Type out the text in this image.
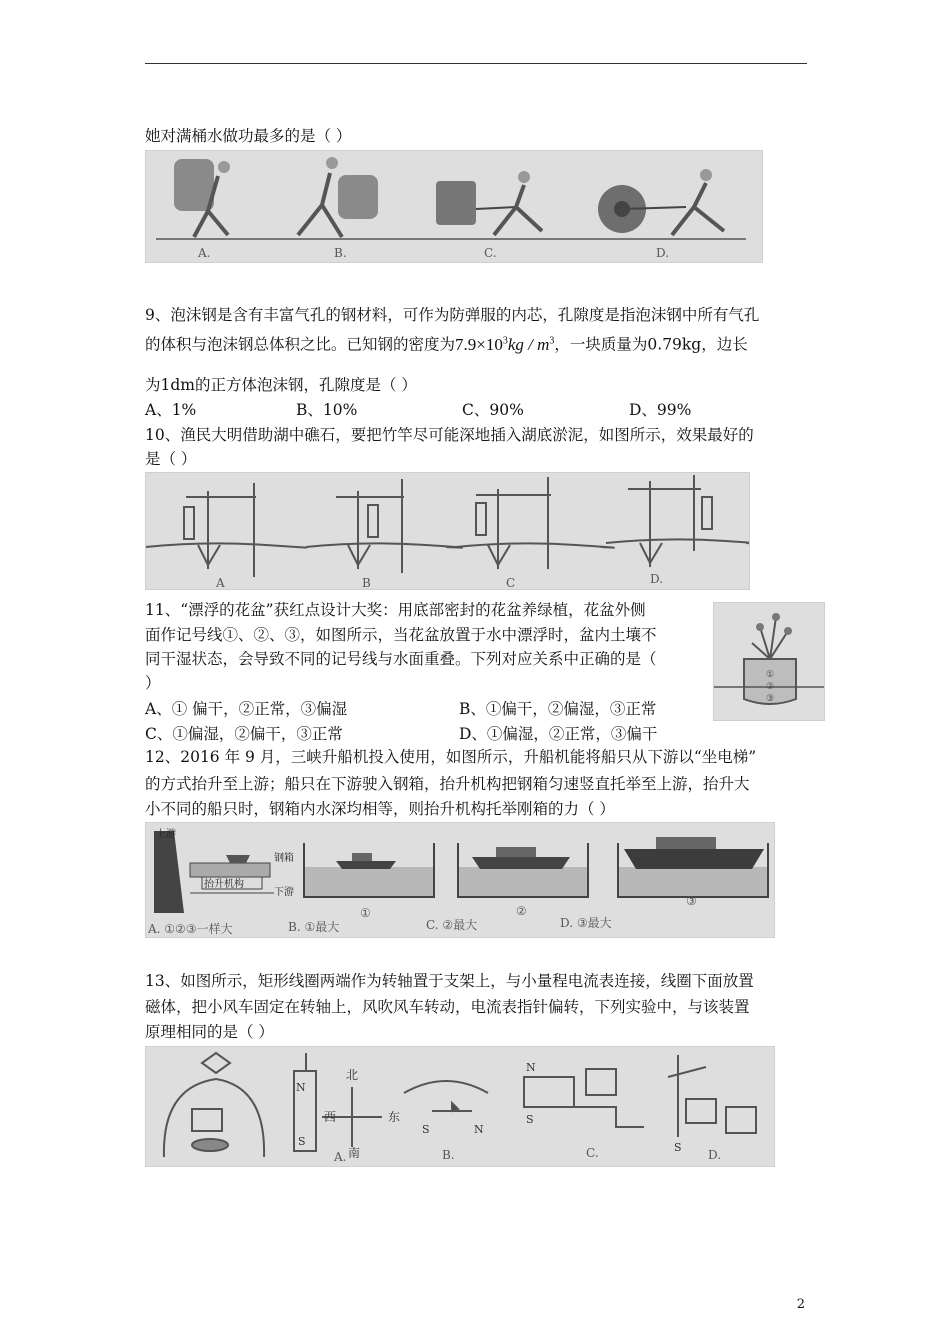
她对满桶水做功最多的是（ ）
A.	B.	C.	D.
9、泡沫钢是含有丰富气孔的钢材料，可作为防弹服的内芯，孔隙度是指泡沫钢中所有气孔
的体积与泡沫钢总体积之比。已知钢的密度为$7.9\times 10^3kg / m^3$，一块质量为0.79kg，边长
为1dm的正方体泡沫钢，孔隙度是（ ）
A、1%	B、10%	C、90%	D、99%
10、渔民大明借助湖中礁石，要把竹竿尽可能深地插入湖底淤泥，如图所示，效果最好的
是（ ）
A	B	C	D.
11、“漂浮的花盆”获红点设计大奖：用底部密封的花盆养绿植，花盆外侧
面作记号线①、②、③，如图所示，当花盆放置于水中漂浮时，盆内土壤不
同干湿状态，会导致不同的记号线与水面重叠。下列对应关系中正确的是（
）
A、① 偏干，②正常，③偏湿	B、①偏干，②偏湿，③正常
C、①偏湿，②偏干，③正常	D、①偏湿，②正常，③偏干
①
②
③
12、2016 年 9 月，三峡升船机投入使用，如图所示，升船机能将船只从下游以“坐电梯”
的方式抬升至上游；船只在下游驶入钢箱，抬升机构把钢箱匀速竖直托举至上游，抬升大
小不同的船只时，钢箱内水深均相等，则抬升机构托举刚箱的力（ ）
上游
钢箱
抬升机构
下游
①	②
③
A. ①②③一样大	B. ①最大	C. ②最大	D. ③最大
13、如图所示，矩形线圈两端作为转轴置于支架上，与小量程电流表连接，线圈下面放置
磁体，把小风车固定在转轴上，风吹风车转动，电流表指针偏转，下列实验中，与该装置
原理相同的是（ ）
N
S
北
南
东
西
S	N
N
S
S
A.	B.	C.	D.
2
